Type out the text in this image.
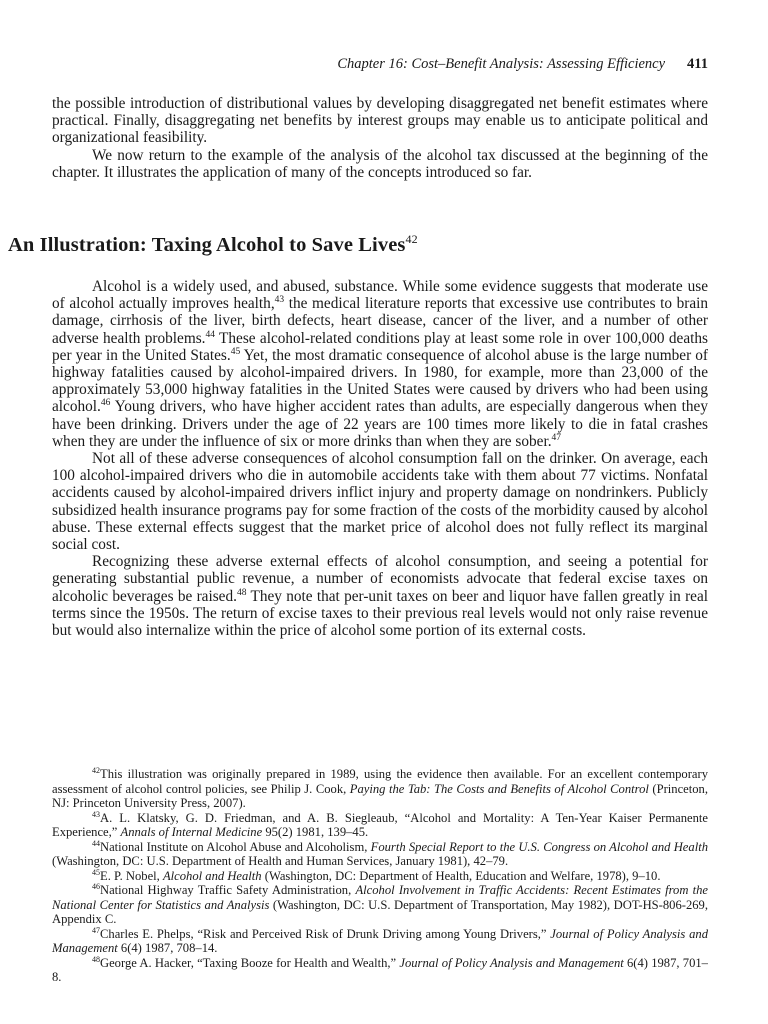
Chapter 16: Cost–Benefit Analysis: Assessing Efficiency 411

the possible introduction of distributional values by developing disaggregated net benefit estimates where practical. Finally, disaggregating net benefits by interest groups may enable us to anticipate political and organizational feasibility.

We now return to the example of the analysis of the alcohol tax discussed at the beginning of the chapter. It illustrates the application of many of the concepts introduced so far.

An Illustration: Taxing Alcohol to Save Lives$^{42}$

Alcohol is a widely used, and abused, substance. While some evidence suggests that moderate use of alcohol actually improves health,$^{43}$ the medical literature reports that excessive use contributes to brain damage, cirrhosis of the liver, birth defects, heart disease, cancer of the liver, and a number of other adverse health problems.$^{44}$ These alcohol-related conditions play at least some role in over 100,000 deaths per year in the United States.$^{45}$ Yet, the most dramatic consequence of alcohol abuse is the large number of highway fatalities caused by alcohol-impaired drivers. In 1980, for example, more than 23,000 of the approximately 53,000 highway fatalities in the United States were caused by drivers who had been using alcohol.$^{46}$ Young drivers, who have higher accident rates than adults, are especially dangerous when they have been drinking. Drivers under the age of 22 years are 100 times more likely to die in fatal crashes when they are under the influence of six or more drinks than when they are sober.$^{47}$

Not all of these adverse consequences of alcohol consumption fall on the drinker. On average, each 100 alcohol-impaired drivers who die in automobile accidents take with them about 77 victims. Nonfatal accidents caused by alcohol-impaired drivers inflict injury and property damage on nondrinkers. Publicly subsidized health insurance programs pay for some fraction of the costs of the morbidity caused by alcohol abuse. These external effects suggest that the market price of alcohol does not fully reflect its marginal social cost.

Recognizing these adverse external effects of alcohol consumption, and seeing a potential for generating substantial public revenue, a number of economists advocate that federal excise taxes on alcoholic beverages be raised.$^{48}$ They note that per-unit taxes on beer and liquor have fallen greatly in real terms since the 1950s. The return of excise taxes to their previous real levels would not only raise revenue but would also internalize within the price of alcohol some portion of its external costs.

$^{42}$This illustration was originally prepared in 1989, using the evidence then available. For an excellent contemporary assessment of alcohol control policies, see Philip J. Cook, Paying the Tab: The Costs and Benefits of Alcohol Control (Princeton, NJ: Princeton University Press, 2007).

$^{43}$A. L. Klatsky, G. D. Friedman, and A. B. Siegleaub, “Alcohol and Mortality: A Ten-Year Kaiser Permanente Experience,” Annals of Internal Medicine 95(2) 1981, 139–45.

$^{44}$National Institute on Alcohol Abuse and Alcoholism, Fourth Special Report to the U.S. Congress on Alcohol and Health (Washington, DC: U.S. Department of Health and Human Services, January 1981), 42–79.

$^{45}$E. P. Nobel, Alcohol and Health (Washington, DC: Department of Health, Education and Welfare, 1978), 9–10.

$^{46}$National Highway Traffic Safety Administration, Alcohol Involvement in Traffic Accidents: Recent Estimates from the National Center for Statistics and Analysis (Washington, DC: U.S. Department of Transportation, May 1982), DOT-HS-806-269, Appendix C.

$^{47}$Charles E. Phelps, “Risk and Perceived Risk of Drunk Driving among Young Drivers,” Journal of Policy Analysis and Management 6(4) 1987, 708–14.

$^{48}$George A. Hacker, “Taxing Booze for Health and Wealth,” Journal of Policy Analysis and Management 6(4) 1987, 701–8.
